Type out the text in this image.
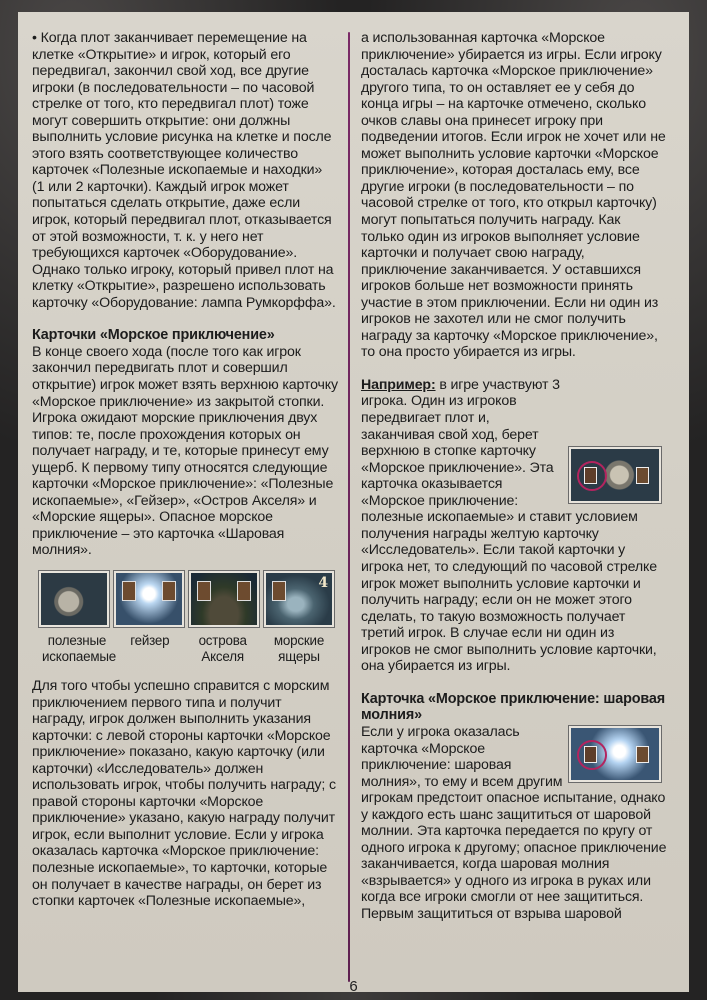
• Когда плот заканчивает перемещение на клетке «Открытие» и игрок, который его передвигал, закончил свой ход, все другие игроки (в последовательности – по часовой стрелке от того, кто передвигал плот) тоже могут совершить открытие: они должны выполнить условие рисунка на клетке и после этого взять соответствующее количество карточек «Полезные ископаемые и находки» (1 или 2 карточки). Каждый игрок может попытаться сделать открытие, даже если игрок, который передвигал плот, отказывается от этой возможности, т. к. у него нет требующихся карточек «Оборудование». Однако только игроку, который привел плот на клетку «Открытие», разрешено использовать карточку «Оборудование: лампа Румкорффа».

Карточки «Морское приключение»

В конце своего хода (после того как игрок закончил передвигать плот и совершил открытие) игрок может взять верхнюю карточку «Морское приключение» из закрытой стопки. Игрока ожидают морские приключения двух типов: те, после прохождения которых он получает награду, и те, которые принесут ему ущерб. К первому типу относятся следующие карточки «Морское приключение»: «Полезные ископаемые», «Гейзер», «Остров Акселя» и «Морские ящеры». Опасное морское приключение – это карточка «Шаровая молния».

4
полезные ископаемые
гейзер	острова Акселя
морские ящеры

Для того чтобы успешно справится с морским приключением первого типа и получит награду, игрок должен выполнить указания карточки: с левой стороны карточки «Морское приключение» показано, какую карточку (или карточки) «Исследователь» должен использовать игрок, чтобы получить награду; с правой стороны карточки «Морское приключение» указано, какую награду получит игрок, если выполнит условие. Если у игрока оказалась карточка «Морское приключение: полезные ископаемые», то карточки, которые он получает в качестве награды, он берет из стопки карточек «Полезные ископаемые»,

а использованная карточка «Морское приключение» убирается из игры. Если игроку досталась карточка «Морское приключение» другого типа, то он оставляет ее у себя до конца игры – на карточке отмечено, сколько очков славы она принесет игроку при подведении итогов. Если игрок не хочет или не может выполнить условие карточки «Морское приключение», которая досталась ему, все другие игроки (в последовательности – по часовой стрелке от того, кто открыл карточку) могут попытаться получить награду. Как только один из игроков выполняет условие карточки и получает свою награду, приключение заканчивается. У оставшихся игроков больше нет возможности принять участие в этом приключении. Если ни один из игроков не захотел или не смог получить награду за карточку «Морское приключение», то она просто убирается из игры.

Например: в игре участвуют 3 игрока. Один из игроков передвигает плот и, заканчивая свой ход, берет верхнюю в стопке карточку «Морское приключение». Эта карточка оказывается «Морское приключение: полезные ископаемые» и ставит условием получения награды желтую карточку «Исследователь». Если такой карточки у игрока нет, то следующий по часовой стрелке игрок может выполнить условие карточки и получить награду; если он не может этого сделать, то такую возможность получает третий игрок. В случае если ни один из игроков не смог выполнить условие карточки, она убирается из игры.

Карточка «Морское приключение: шаровая молния»

Если у игрока оказалась карточка «Морское приключение: шаровая молния», то ему и всем другим игрокам предстоит опасное испытание, однако у каждого есть шанс защититься от шаровой молнии. Эта карточка передается по кругу от одного игрока к другому; опасное приключение заканчивается, когда шаровая молния «взрывается» у одного из игрока в руках или когда все игроки смогли от нее защититься. Первым защититься от взрыва шаровой

6
